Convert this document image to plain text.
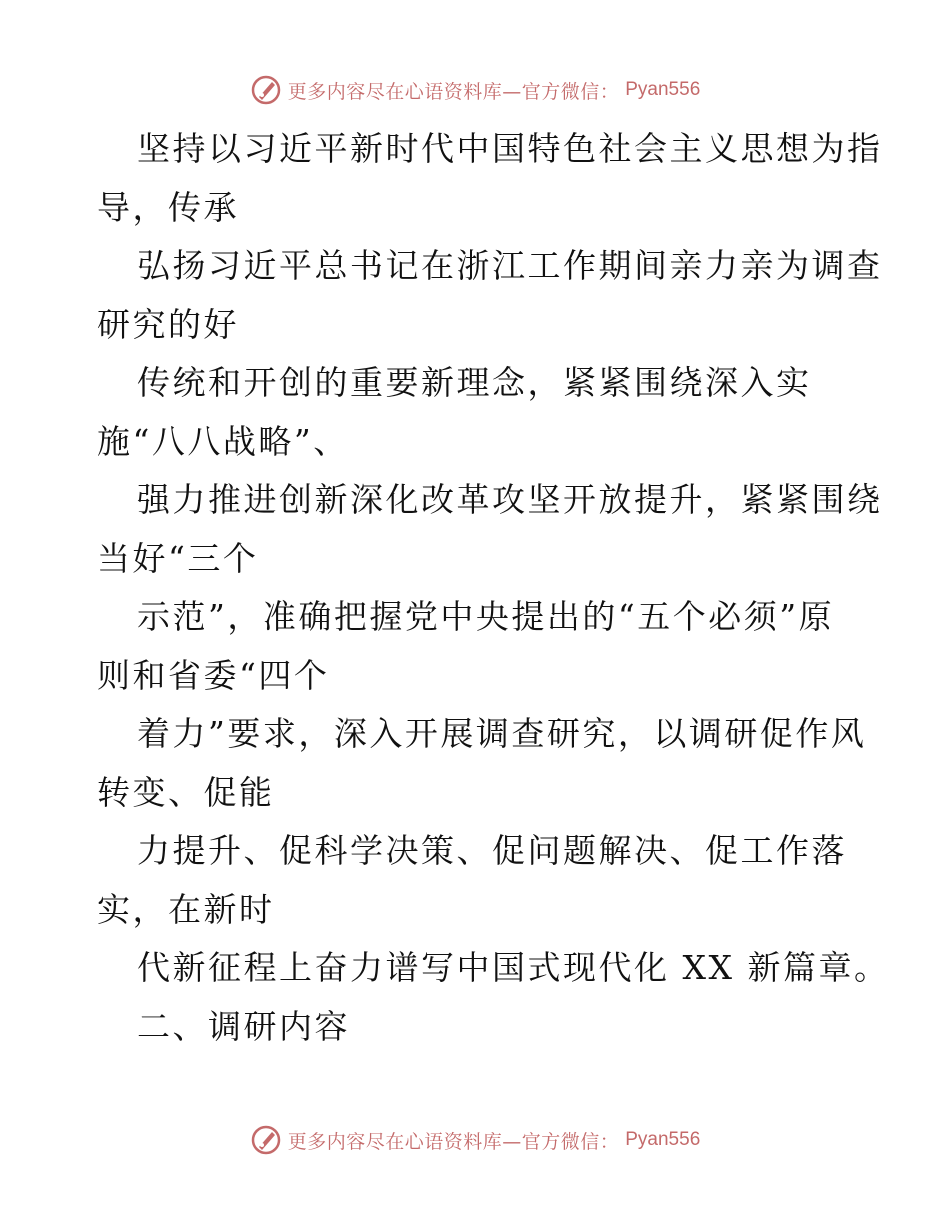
更多内容尽在心语资料库—官方微信： Pyan556
坚持以习近平新时代中国特色社会主义思想为指
导，传承
弘扬习近平总书记在浙江工作期间亲力亲为调查
研究的好
传统和开创的重要新理念，紧紧围绕深入实
施“八八战略”、
强力推进创新深化改革攻坚开放提升，紧紧围绕
当好“三个
示范”，准确把握党中央提出的“五个必须”原
则和省委“四个
着力”要求，深入开展调查研究，以调研促作风
转变、促能
力提升、促科学决策、促问题解决、促工作落
实，在新时
代新征程上奋力谱写中国式现代化 XX 新篇章。
二、调研内容
更多内容尽在心语资料库—官方微信： Pyan556
